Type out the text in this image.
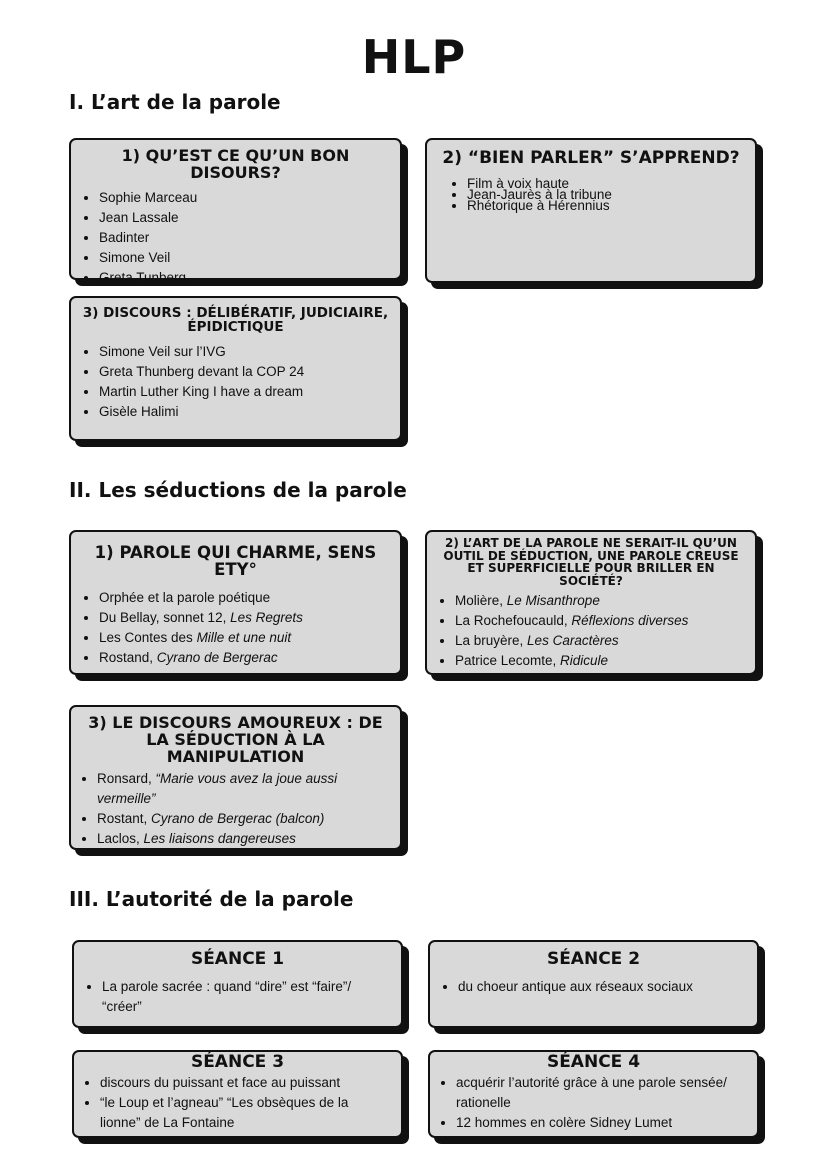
HLP
I. L’art de la parole
1) QU’EST CE QU’UN BON DISOURS?
• Sophie Marceau
• Jean Lassale
• Badinter
• Simone Veil
• Greta Tunberg
2) “BIEN PARLER” S’APPREND?
• Film à voix haute
• Jean-Jaurès à la tribune
• Rhétorique à Hérennius
3) DISCOURS : DÉLIBÉRATIF, JUDICIAIRE, ÉPIDICTIQUE
• Simone Veil sur l’IVG
• Greta Thunberg devant la COP 24
• Martin Luther King I have a dream
• Gisèle Halimi
II. Les séductions de la parole
1) PAROLE QUI CHARME, SENS ETY°
• Orphée et la parole poétique
• Du Bellay, sonnet 12, Les Regrets
• Les Contes des Mille et une nuit
• Rostand, Cyrano de Bergerac
2) L’ART DE LA PAROLE NE SERAIT-IL QU’UN OUTIL DE SÉDUCTION, UNE PAROLE CREUSE ET SUPERFICIELLE POUR BRILLER EN SOCIÉTÉ?
• Molière, Le Misanthrope
• La Rochefoucauld, Réflexions diverses
• La bruyère, Les Caractères
• Patrice Lecomte, Ridicule
3) LE DISCOURS AMOUREUX : DE LA SÉDUCTION À LA MANIPULATION
• Ronsard, “Marie vous avez la joue aussi vermeille”
• Rostant, Cyrano de Bergerac (balcon)
• Laclos, Les liaisons dangereuses
III. L’autorité de la parole
SÉANCE 1
• La parole sacrée : quand “dire” est “faire”/ “créer”
SÉANCE 2
• du choeur antique aux réseaux sociaux
SÉANCE 3
• discours du puissant et face au puissant
• “le Loup et l’agneau” “Les obsèques de la lionne” de La Fontaine
SÉANCE 4
• acquérir l’autorité grâce à une parole sensée/ rationelle
• 12 hommes en colère Sidney Lumet
